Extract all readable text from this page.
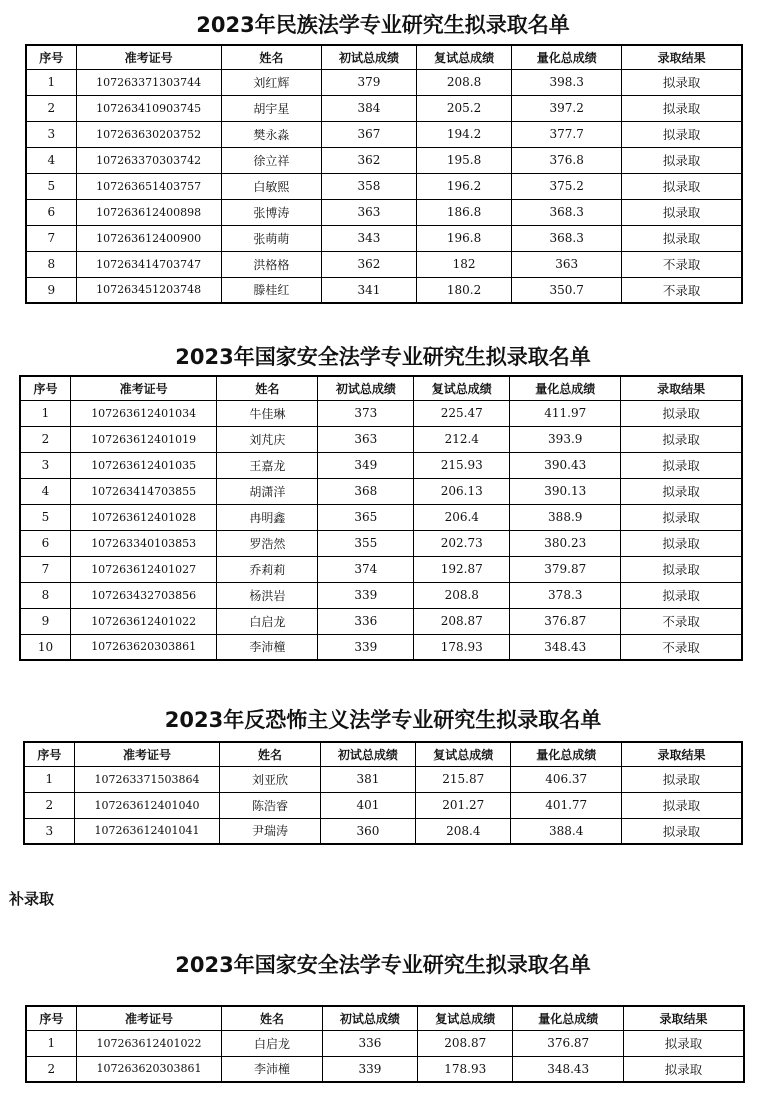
2023年民族法学专业研究生拟录取名单
序号	准考证号	姓名	初试总成绩	复试总成绩	量化总成绩	录取结果
1	107263371303744	刘红辉	379	208.8	398.3	拟录取
2	107263410903745	胡宇星	384	205.2	397.2	拟录取
3	107263630203752	樊永淼	367	194.2	377.7	拟录取
4	107263370303742	徐立祥	362	195.8	376.8	拟录取
5	107263651403757	白敏熙	358	196.2	375.2	拟录取
6	107263612400898	张博涛	363	186.8	368.3	拟录取
7	107263612400900	张萌萌	343	196.8	368.3	拟录取
8	107263414703747	洪格格	362	182	363	不录取
9	107263451203748	滕桂红	341	180.2	350.7	不录取
2023年国家安全法学专业研究生拟录取名单
序号	准考证号	姓名	初试总成绩	复试总成绩	量化总成绩	录取结果
1	107263612401034	牛佳琳	373	225.47	411.97	拟录取
2	107263612401019	刘芃庆	363	212.4	393.9	拟录取
3	107263612401035	王嘉龙	349	215.93	390.43	拟录取
4	107263414703855	胡潇洋	368	206.13	390.13	拟录取
5	107263612401028	冉明鑫	365	206.4	388.9	拟录取
6	107263340103853	罗浩然	355	202.73	380.23	拟录取
7	107263612401027	乔莉莉	374	192.87	379.87	拟录取
8	107263432703856	杨洪岩	339	208.8	378.3	拟录取
9	107263612401022	白启龙	336	208.87	376.87	不录取
10	107263620303861	李沛橦	339	178.93	348.43	不录取
2023年反恐怖主义法学专业研究生拟录取名单
序号	准考证号	姓名	初试总成绩	复试总成绩	量化总成绩	录取结果
1	107263371503864	刘亚欣	381	215.87	406.37	拟录取
2	107263612401040	陈浩睿	401	201.27	401.77	拟录取
3	107263612401041	尹瑞涛	360	208.4	388.4	拟录取
补录取
2023年国家安全法学专业研究生拟录取名单
序号	准考证号	姓名	初试总成绩	复试总成绩	量化总成绩	录取结果
1	107263612401022	白启龙	336	208.87	376.87	拟录取
2	107263620303861	李沛橦	339	178.93	348.43	拟录取
